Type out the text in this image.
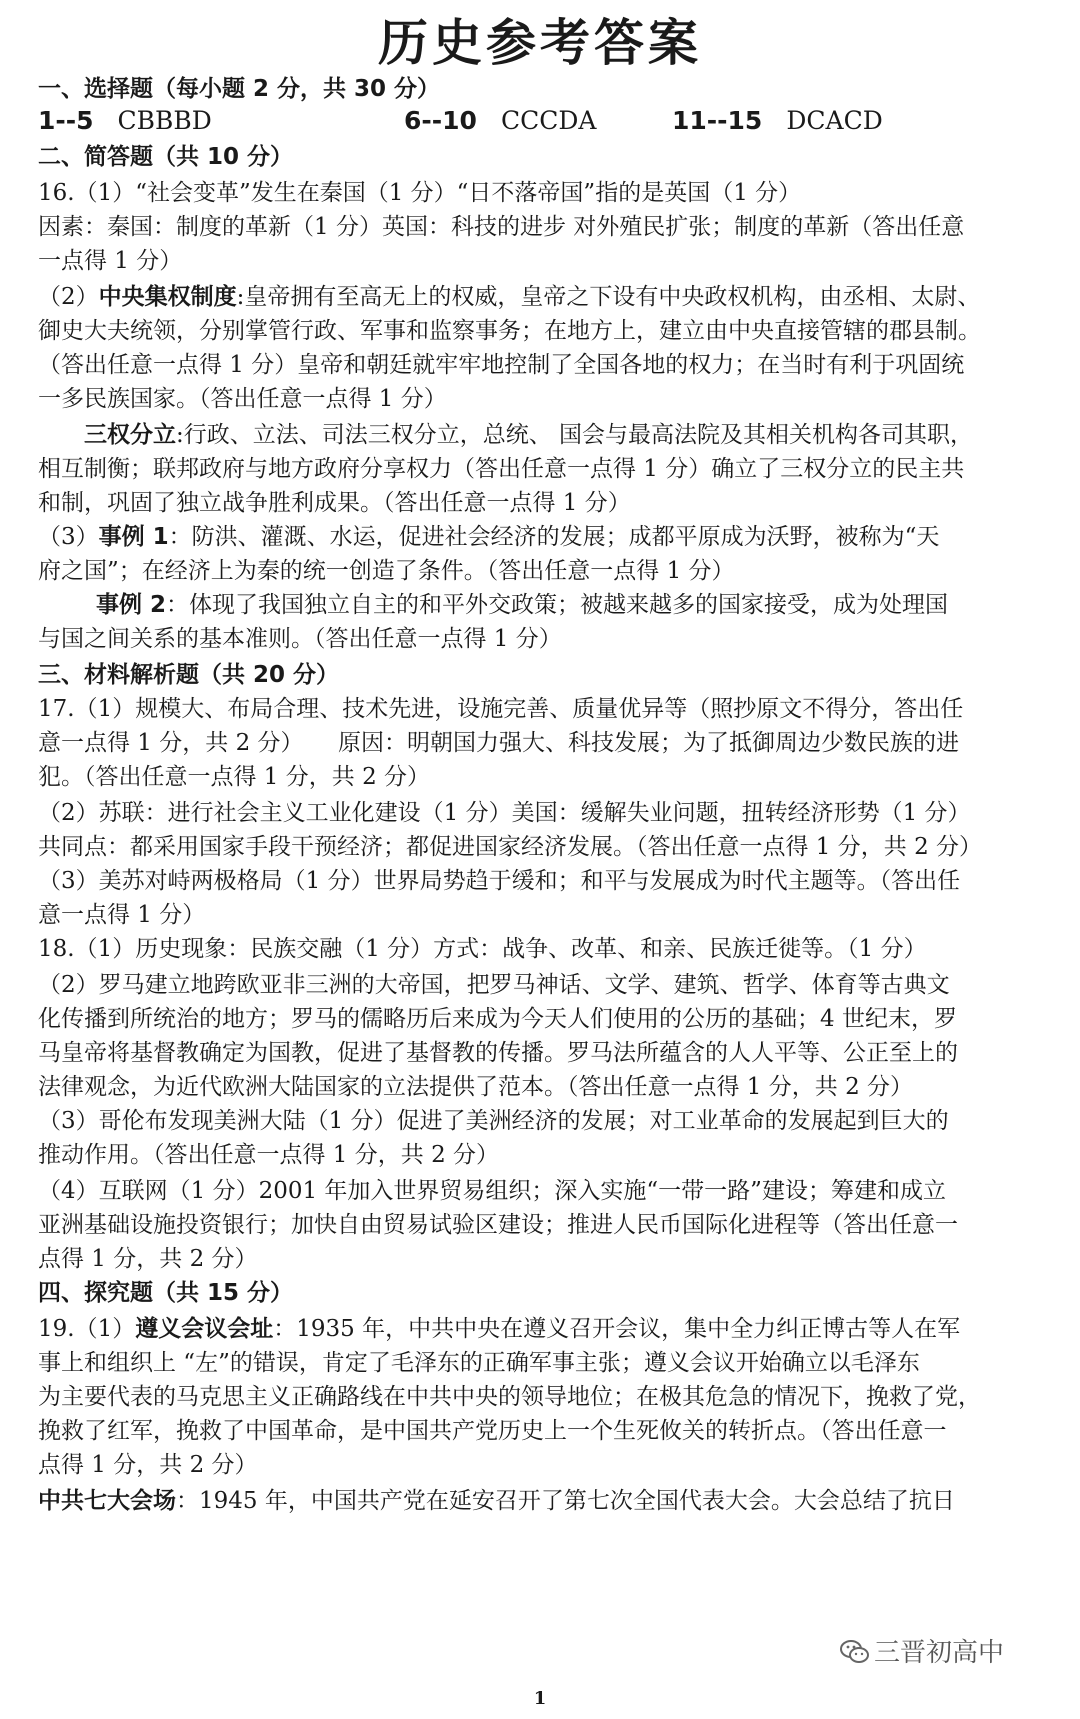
历史参考答案
一、选择题（每小题 2 分，共 30 分）
1--5 CBBBD	6--10 CCCDA	11--15 DCACD
二、简答题（共 10 分）
16.（1）“社会变革”发生在秦国（1 分）“日不落帝国”指的是英国（1 分）
因素：秦国：制度的革新（1 分）英国：科技的进步 对外殖民扩张；制度的革新（答出任意
一点得 1 分）
（2）中央集权制度:皇帝拥有至高无上的权威，皇帝之下设有中央政权机构，由丞相、太尉、
御史大夫统领，分别掌管行政、军事和监察事务；在地方上，建立由中央直接管辖的郡县制。
（答出任意一点得 1 分）皇帝和朝廷就牢牢地控制了全国各地的权力；在当时有利于巩固统
一多民族国家。（答出任意一点得 1 分）
三权分立:行政、立法、司法三权分立，总统、 国会与最高法院及其相关机构各司其职，
相互制衡；联邦政府与地方政府分享权力（答出任意一点得 1 分）确立了三权分立的民主共
和制，巩固了独立战争胜利成果。（答出任意一点得 1 分）
（3）事例 1：防洪、灌溉、水运，促进社会经济的发展；成都平原成为沃野，被称为“天
府之国”；在经济上为秦的统一创造了条件。（答出任意一点得 1 分）
事例 2：体现了我国独立自主的和平外交政策；被越来越多的国家接受，成为处理国
与国之间关系的基本准则。（答出任意一点得 1 分）
三、材料解析题（共 20 分）
17.（1）规模大、布局合理、技术先进，设施完善、质量优异等（照抄原文不得分，答出任
意一点得 1 分，共 2 分）　　原因：明朝国力强大、科技发展；为了抵御周边少数民族的进
犯。（答出任意一点得 1 分，共 2 分）
（2）苏联：进行社会主义工业化建设（1 分）美国：缓解失业问题，扭转经济形势（1 分）
共同点：都采用国家手段干预经济；都促进国家经济发展。（答出任意一点得 1 分，共 2 分）
（3）美苏对峙两极格局（1 分）世界局势趋于缓和；和平与发展成为时代主题等。（答出任
意一点得 1 分）
18.（1）历史现象：民族交融（1 分）方式：战争、改革、和亲、民族迁徙等。（1 分）
（2）罗马建立地跨欧亚非三洲的大帝国，把罗马神话、文学、建筑、哲学、体育等古典文
化传播到所统治的地方；罗马的儒略历后来成为今天人们使用的公历的基础；4 世纪末，罗
马皇帝将基督教确定为国教，促进了基督教的传播。罗马法所蕴含的人人平等、公正至上的
法律观念，为近代欧洲大陆国家的立法提供了范本。（答出任意一点得 1 分，共 2 分）
（3）哥伦布发现美洲大陆（1 分）促进了美洲经济的发展；对工业革命的发展起到巨大的
推动作用。（答出任意一点得 1 分，共 2 分）
（4）互联网（1 分）2001 年加入世界贸易组织；深入实施“一带一路”建设；筹建和成立
亚洲基础设施投资银行；加快自由贸易试验区建设；推进人民币国际化进程等（答出任意一
点得 1 分，共 2 分）
四、探究题（共 15 分）
19.（1）遵义会议会址：1935 年，中共中央在遵义召开会议，集中全力纠正博古等人在军
事上和组织上 “左”的错误，肯定了毛泽东的正确军事主张；遵义会议开始确立以毛泽东
为主要代表的马克思主义正确路线在中共中央的领导地位；在极其危急的情况下，挽救了党，
挽救了红军，挽救了中国革命，是中国共产党历史上一个生死攸关的转折点。（答出任意一
点得 1 分，共 2 分）
中共七大会场：1945 年，中国共产党在延安召开了第七次全国代表大会。大会总结了抗日
三晋初高中
1
